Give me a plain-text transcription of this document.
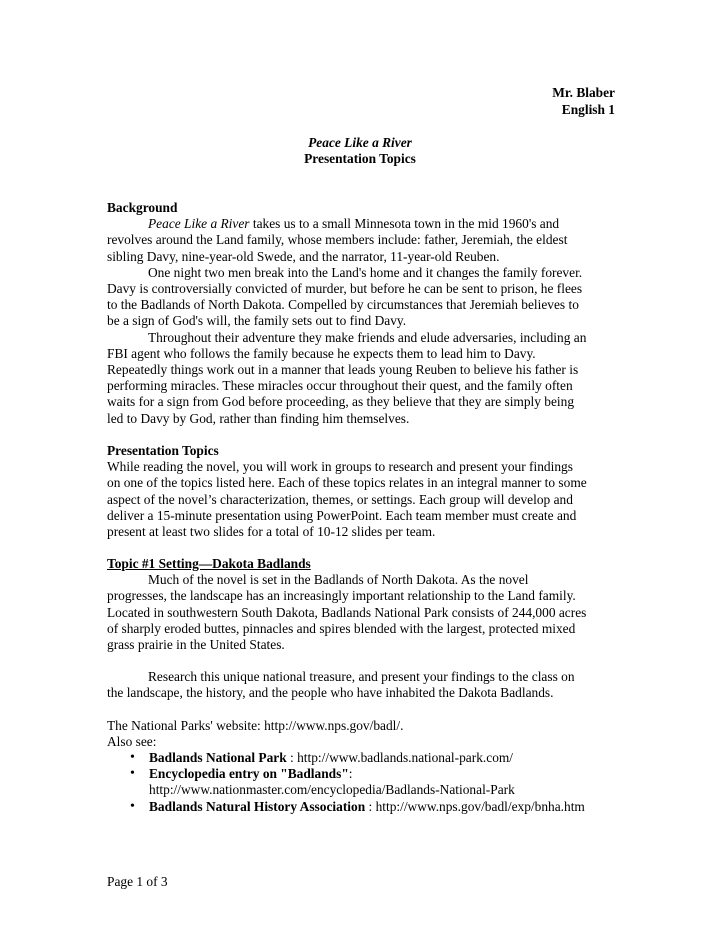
Mr. Blaber
English 1
Peace Like a River
Presentation Topics
Background
Peace Like a River takes us to a small Minnesota town in the mid 1960's and
revolves around the Land family, whose members include: father, Jeremiah, the eldest
sibling Davy, nine-year-old Swede, and the narrator, 11-year-old Reuben.
One night two men break into the Land's home and it changes the family forever.
Davy is controversially convicted of murder, but before he can be sent to prison, he flees
to the Badlands of North Dakota. Compelled by circumstances that Jeremiah believes to
be a sign of God's will, the family sets out to find Davy.
Throughout their adventure they make friends and elude adversaries, including an
FBI agent who follows the family because he expects them to lead him to Davy.
Repeatedly things work out in a manner that leads young Reuben to believe his father is
performing miracles. These miracles occur throughout their quest, and the family often
waits for a sign from God before proceeding, as they believe that they are simply being
led to Davy by God, rather than finding him themselves.
Presentation Topics
While reading the novel, you will work in groups to research and present your findings
on one of the topics listed here. Each of these topics relates in an integral manner to some
aspect of the novel’s characterization, themes, or settings. Each group will develop and
deliver a 15-minute presentation using PowerPoint. Each team member must create and
present at least two slides for a total of 10-12 slides per team.
Topic #1 Setting—Dakota Badlands
Much of the novel is set in the Badlands of North Dakota. As the novel
progresses, the landscape has an increasingly important relationship to the Land family.
Located in southwestern South Dakota, Badlands National Park consists of 244,000 acres
of sharply eroded buttes, pinnacles and spires blended with the largest, protected mixed
grass prairie in the United States.
Research this unique national treasure, and present your findings to the class on
the landscape, the history, and the people who have inhabited the Dakota Badlands.
The National Parks' website: http://www.nps.gov/badl/.
Also see:
• Badlands National Park : http://www.badlands.national-park.com/
• Encyclopedia entry on "Badlands":
http://www.nationmaster.com/encyclopedia/Badlands-National-Park
• Badlands Natural History Association : http://www.nps.gov/badl/exp/bnha.htm
Page 1 of 3
